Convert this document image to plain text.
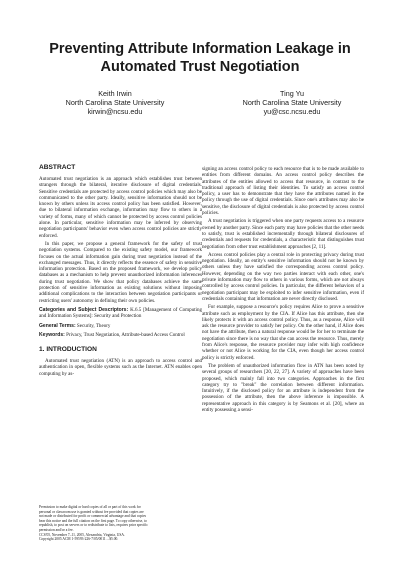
Preventing Attribute Information Leakage in Automated Trust Negotiation
Keith Irwin
North Carolina State University
kirwin@ncsu.edu
Ting Yu
North Carolina State University
yu@csc.ncsu.edu
ABSTRACT

Automated trust negotiation is an approach which establishes trust between strangers through the bilateral, iterative disclosure of digital credentials. Sensitive credentials are protected by access control policies which may also be communicated to the other party. Ideally, sensitive information should not be known by others unless its access control policy has been satisfied. However, due to bilateral information exchange, information may flow to others in a variety of forms, many of which cannot be protected by access control policies alone. In particular, sensitive information may be inferred by observing negotiation participants' behavior even when access control policies are strictly enforced.

In this paper, we propose a general framework for the safety of trust negotiation systems. Compared to the existing safety model, our framework focuses on the actual information gain during trust negotiation instead of the exchanged messages. Thus, it directly reflects the essence of safety in sensitive information protection. Based on the proposed framework, we develop policy databases as a mechanism to help prevent unauthorized information inferences during trust negotiation. We show that policy databases achieve the same protection of sensitive information as existing solutions without imposing additional complications to the interaction between negotiation participants or restricting users' autonomy in defining their own policies.

Categories and Subject Descriptors: K.6.5 [Management of Computing and Information Systems]: Security and Protection

General Terms: Security, Theory

Keywords: Privacy, Trust Negotiation, Attribute-based Access Control

1. INTRODUCTION

Automated trust negotiation (ATN) is an approach to access control and authentication in open, flexible systems such as the Internet. ATN enables open computing by as-

signing an access control policy to each resource that is to be made available to entities from different domains. An access control policy describes the attributes of the entities allowed to access that resource, in contrast to the traditional approach of listing their identities. To satisfy an access control policy, a user has to demonstrate that they have the attributes named in the policy through the use of digital credentials. Since one's attributes may also be sensitive, the disclosure of digital credentials is also protected by access control policies.

A trust negotiation is triggered when one party requests access to a resource owned by another party. Since each party may have policies that the other needs to satisfy, trust is established incrementally through bilateral disclosures of credentials and requests for credentials, a characteristic that distinguishes trust negotiation from other trust establishment approaches [2, 11].

Access control policies play a central role in protecting privacy during trust negotiation. Ideally, an entity's sensitive information should not be known by others unless they have satisfied the corresponding access control policy. However, depending on the way two parties interact with each other, one's private information may flow to others in various forms, which are not always controlled by access control policies. In particular, the different behaviors of a negotiation participant may be exploited to infer sensitive information, even if credentials containing that information are never directly disclosed.

For example, suppose a resource's policy requires Alice to prove a sensitive attribute such as employment by the CIA. If Alice has this attribute, then she likely protects it with an access control policy. Thus, as a response, Alice will ask the resource provider to satisfy her policy. On the other hand, if Alice does not have the attribute, then a natural response would be for her to terminate the negotiation since there is no way that she can access the resource. Thus, merely from Alice's response, the resource provider may infer with high confidence whether or not Alice is working for the CIA, even though her access control policy is strictly enforced.

The problem of unauthorized information flow in ATN has been noted by several groups of researchers [20, 22, 27]. A variety of approaches have been proposed, which mainly fall into two categories. Approaches in the first category try to "break" the correlation between different information. Intuitively, if the disclosed policy for an attribute is independent from the possession of the attribute, then the above inference is impossible. A representative approach in this category is by Seamons et al. [20], where an entity possessing a sensi-

Permission to make digital or hard copies of all or part of this work for
personal or classroom use is granted without fee provided that copies are
not made or distributed for profit or commercial advantage and that copies
bear this notice and the full citation on the first page. To copy otherwise, to
republish, to post on servers or to redistribute to lists, requires prior specific
permission and/or a fee.
CCS'05, November 7–11, 2005, Alexandria, Virginia, USA.
Copyright 2005 ACM 1-59593-226-7/05/0011 ...$5.00.
